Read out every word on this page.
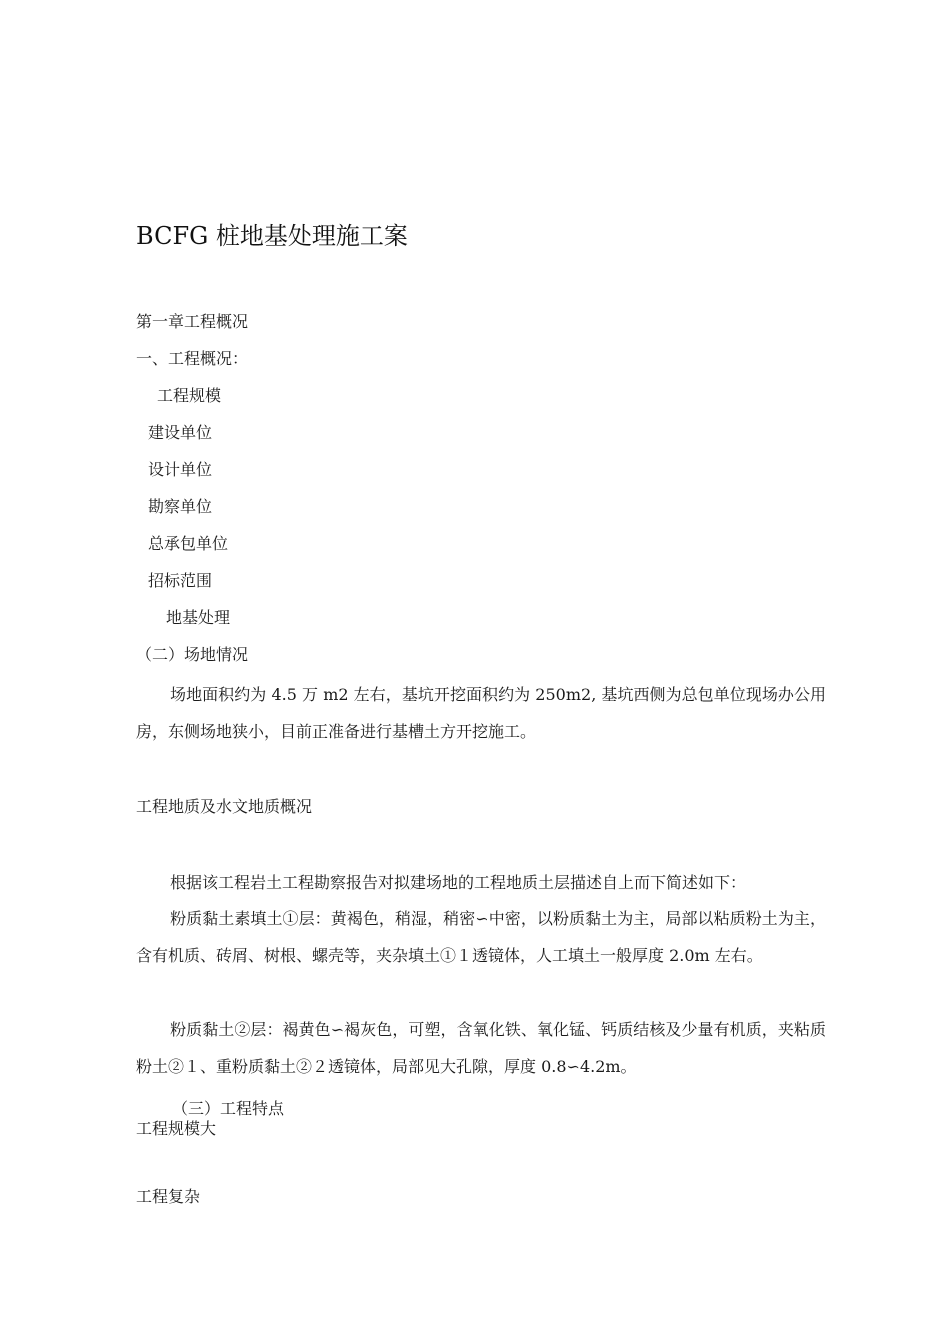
BCFG 桩地基处理施工案
第一章工程概况
一、工程概况：
工程规模
建设单位
设计单位
勘察单位
总承包单位
招标范围
地基处理
（二）场地情况
场地面积约为 4.5 万 m2 左右，基坑开挖面积约为 250m2, 基坑西侧为总包单位现场办公用房，东侧场地狭小，目前正准备进行基槽土方开挖施工。
工程地质及水文地质概况
根据该工程岩土工程勘察报告对拟建场地的工程地质土层描述自上而下简述如下：
粉质黏土素填土①层：黄褐色，稍湿，稍密∽中密，以粉质黏土为主，局部以粘质粉土为主，含有机质、砖屑、树根、螺壳等，夹杂填土①１透镜体，人工填土一般厚度 2.0m 左右。
粉质黏土②层：褐黄色∽褐灰色，可塑，含氧化铁、氧化锰、钙质结核及少量有机质，夹粘质粉土②１、重粉质黏土②２透镜体，局部见大孔隙，厚度 0.8∽4.2m。
（三）工程特点
工程规模大
工程复杂
